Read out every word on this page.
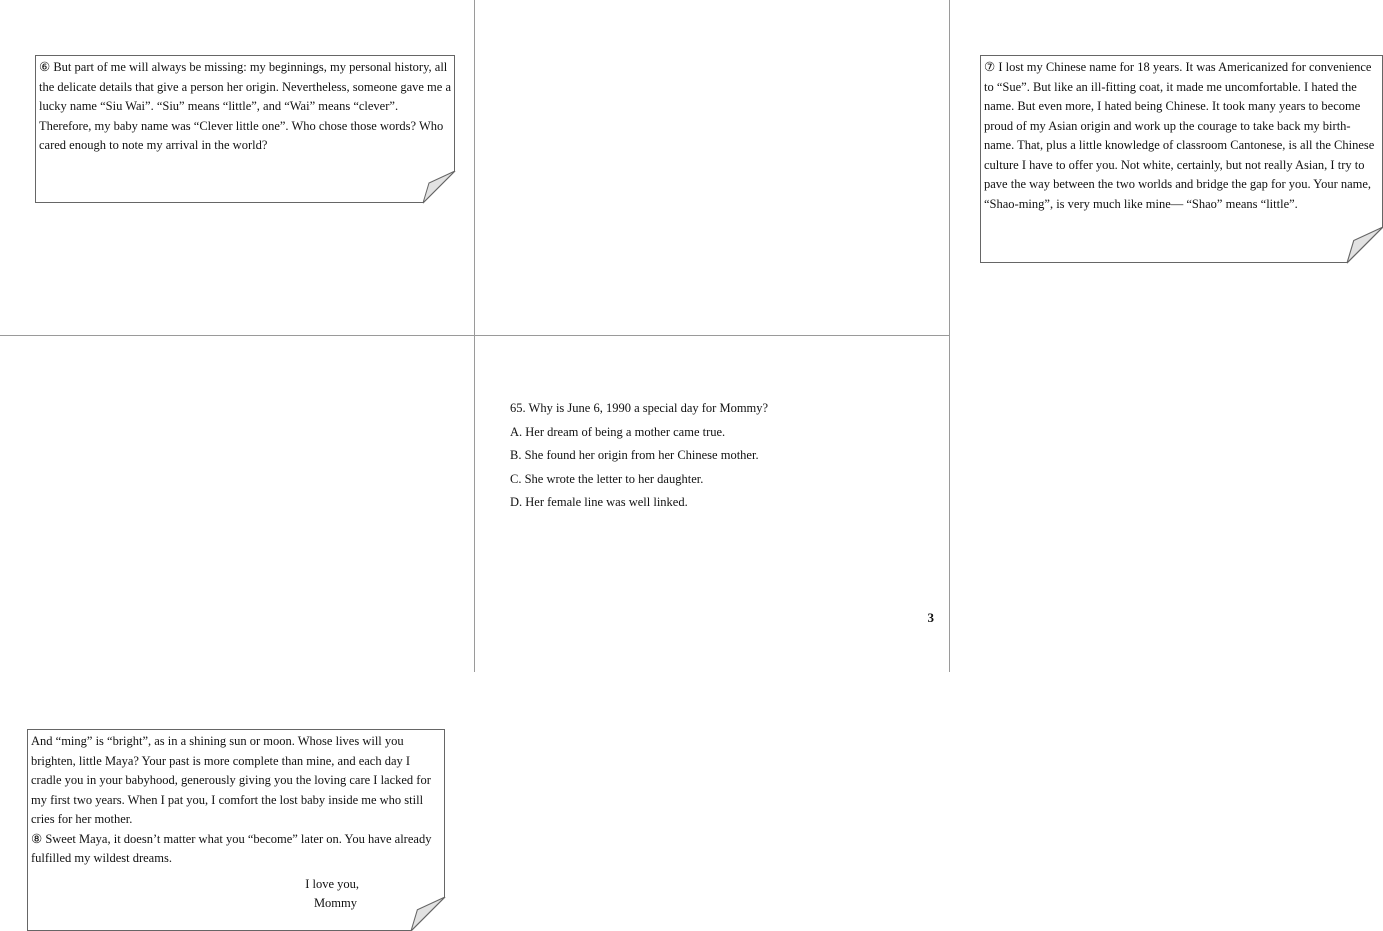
⑥ But part of me will always be missing: my beginnings, my personal history, all the delicate details that give a person her origin. Nevertheless, someone gave me a lucky name “Siu Wai”. “Siu” means “little”, and “Wai” means “clever”. Therefore, my baby name was “Clever little one”. Who chose those words? Who cared enough to note my arrival in the world?

⑦ I lost my Chinese name for 18 years. It was Americanized for convenience to “Sue”. But like an ill-fitting coat, it made me uncomfortable. I hated the name. But even more, I hated being Chinese. It took many years to become proud of my Asian origin and work up the courage to take back my birth-name. That, plus a little knowledge of classroom Cantonese, is all the Chinese culture I have to offer you. Not white, certainly, but not really Asian, I try to pave the way between the two worlds and bridge the gap for you. Your name, “Shao-ming”, is very much like mine— “Shao” means “little”.

And “ming” is “bright”, as in a shining sun or moon. Whose lives will you brighten, little Maya? Your past is more complete than mine, and each day I cradle you in your babyhood, generously giving you the loving care I lacked for my first two years. When I pat you, I comfort the lost baby inside me who still cries for her mother.

⑧ Sweet Maya, it doesn’t matter what you “become” later on. You have already fulfilled my wildest dreams.

I love you,

Mommy

65. Why is June 6, 1990 a special day for Mommy?

A. Her dream of being a mother came true.

B. She found her origin from her Chinese mother.

C. She wrote the letter to her daughter.

D. Her female line was well linked.

3
